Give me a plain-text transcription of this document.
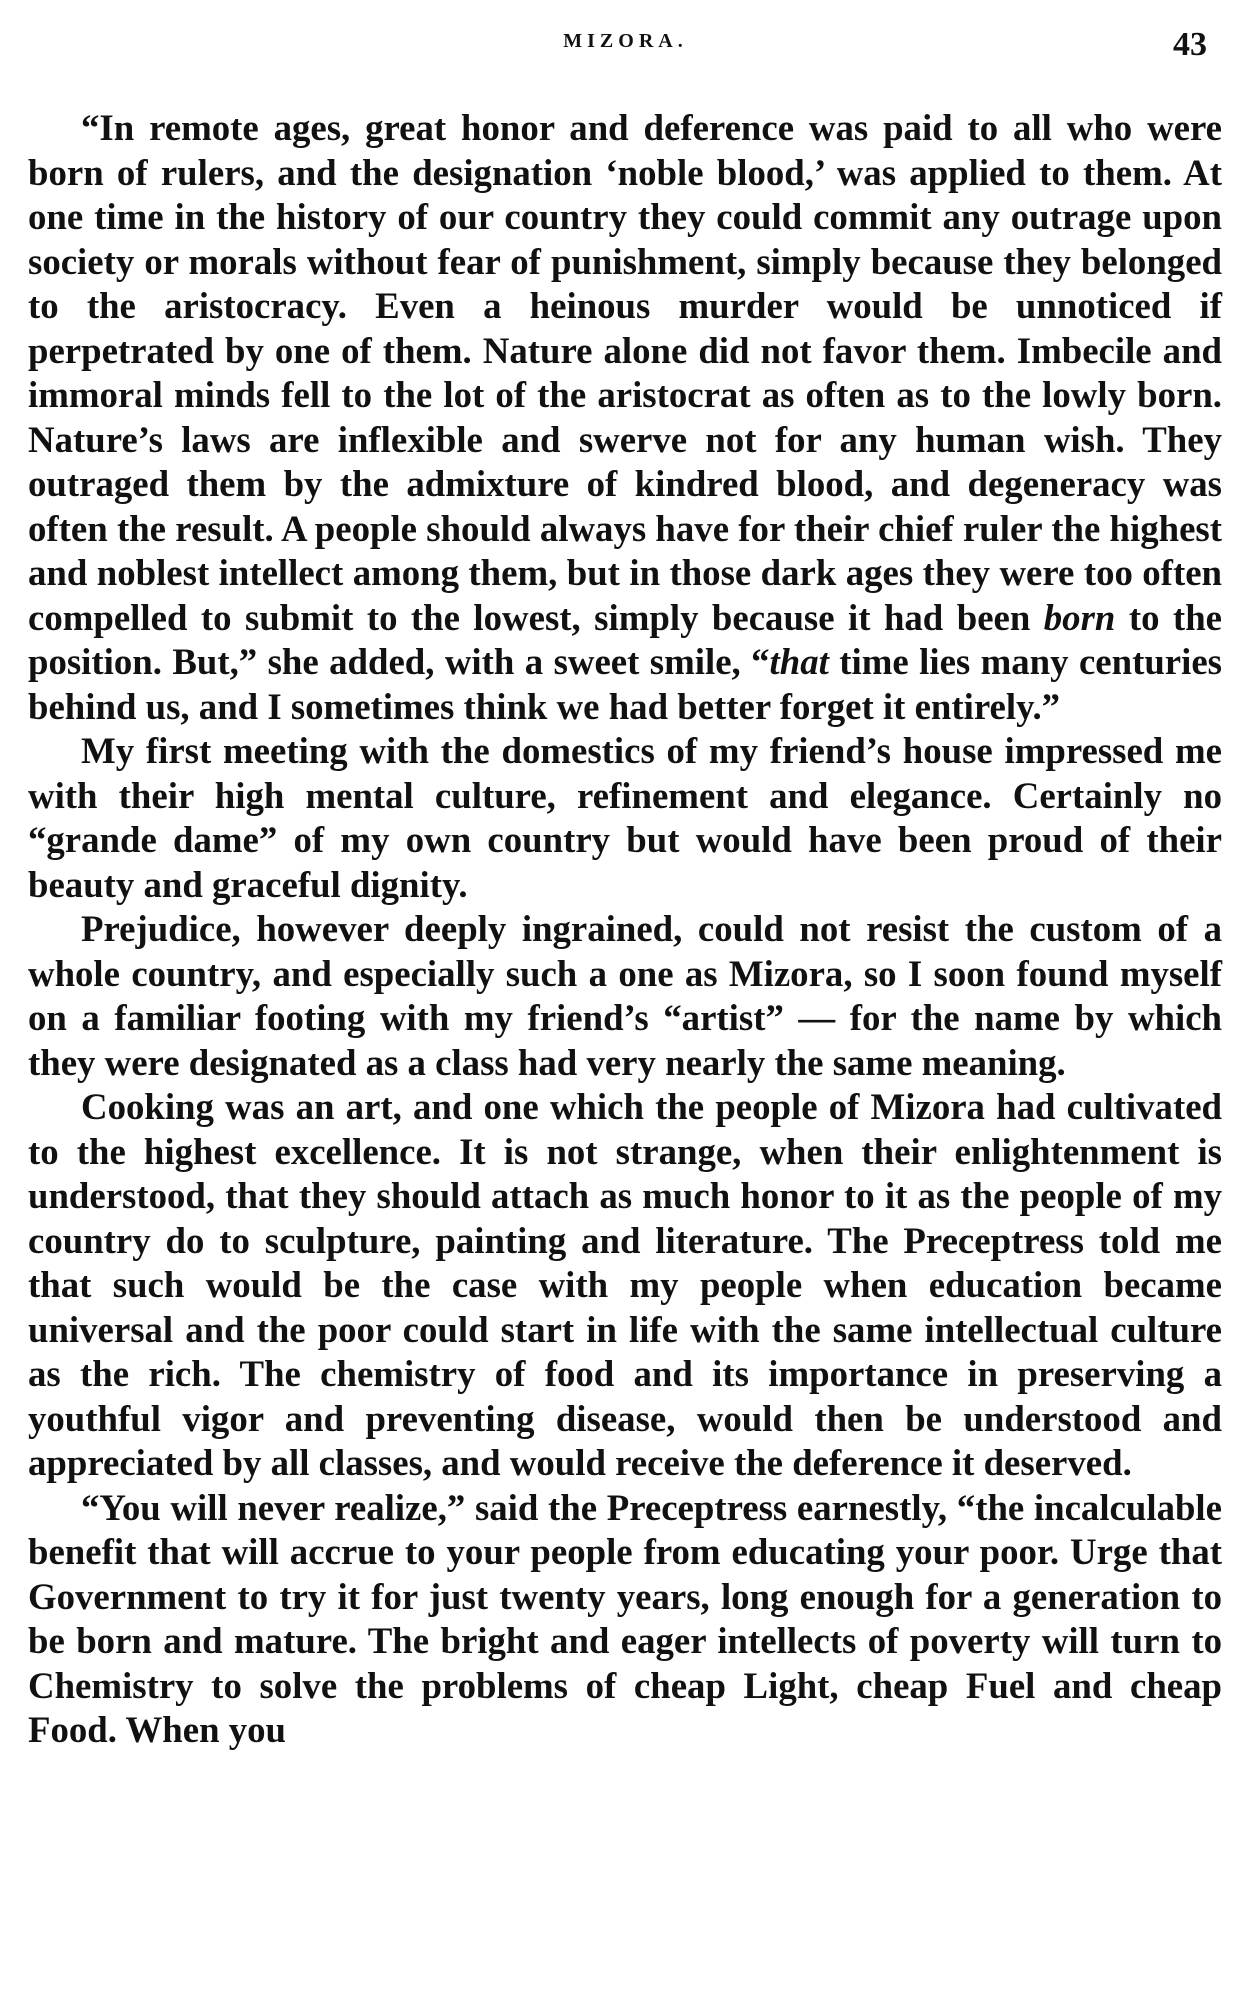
MIZORA.	43

“In remote ages, great honor and deference was paid to all who were born of rulers, and the designation ‘noble blood,’ was applied to them. At one time in the history of our country they could commit any outrage upon society or morals without fear of punishment, simply because they belonged to the aristocracy. Even a heinous murder would be unnoticed if perpetrated by one of them. Nature alone did not favor them. Imbecile and immoral minds fell to the lot of the aristocrat as often as to the lowly born. Nature’s laws are inflexible and swerve not for any human wish. They outraged them by the admixture of kindred blood, and degeneracy was often the result. A people should always have for their chief ruler the highest and noblest intellect among them, but in those dark ages they were too often compelled to submit to the lowest, simply because it had been born to the position. But,” she added, with a sweet smile, “that time lies many centuries behind us, and I sometimes think we had better forget it entirely.”

My first meeting with the domestics of my friend’s house impressed me with their high mental culture, refinement and elegance. Certainly no “grande dame” of my own country but would have been proud of their beauty and graceful dignity.

Prejudice, however deeply ingrained, could not resist the custom of a whole country, and especially such a one as Mizora, so I soon found myself on a familiar footing with my friend’s “artist” — for the name by which they were designated as a class had very nearly the same meaning.

Cooking was an art, and one which the people of Mizora had cultivated to the highest excellence. It is not strange, when their enlightenment is understood, that they should attach as much honor to it as the people of my country do to sculpture, painting and literature. The Preceptress told me that such would be the case with my people when education became universal and the poor could start in life with the same intellectual culture as the rich. The chemistry of food and its importance in preserving a youthful vigor and preventing disease, would then be understood and appreciated by all classes, and would receive the deference it deserved.

“You will never realize,” said the Preceptress earnestly, “the incalculable benefit that will accrue to your people from educating your poor. Urge that Government to try it for just twenty years, long enough for a generation to be born and mature. The bright and eager intellects of poverty will turn to Chemistry to solve the problems of cheap Light, cheap Fuel and cheap Food. When you
